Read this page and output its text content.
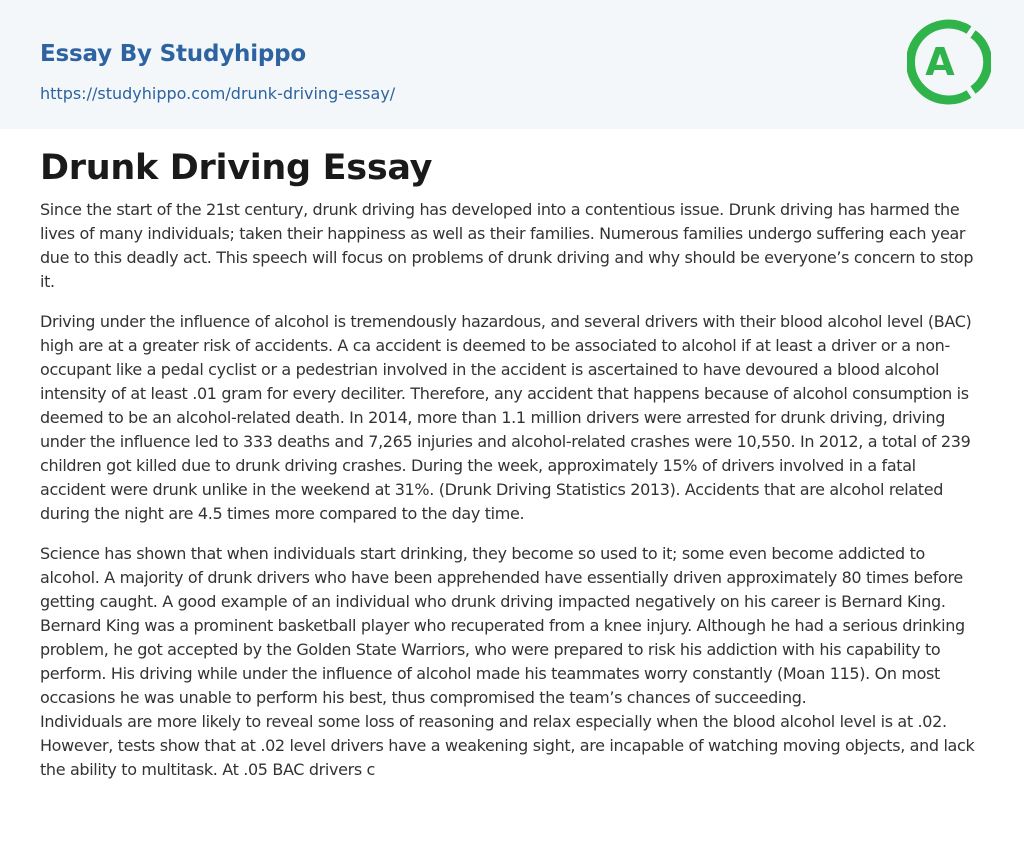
Essay By Studyhippo
https://studyhippo.com/drunk-driving-essay/
A
Drunk Driving Essay

Since the start of the 21st century, drunk driving has developed into a contentious issue. Drunk driving has harmed the lives of many individuals; taken their happiness as well as their families. Numerous families undergo suffering each year due to this deadly act. This speech will focus on problems of drunk driving and why should be everyone’s concern to stop it.

Driving under the influence of alcohol is tremendously hazardous, and several drivers with their blood alcohol level (BAC) high are at a greater risk of accidents. A ca accident is deemed to be associated to alcohol if at least a driver or a non-occupant like a pedal cyclist or a pedestrian involved in the accident is ascertained to have devoured a blood alcohol intensity of at least .01 gram for every deciliter. Therefore, any accident that happens because of alcohol consumption is deemed to be an alcohol-related death. In 2014, more than 1.1 million drivers were arrested for drunk driving, driving under the influence led to 333 deaths and 7,265 injuries and alcohol-related crashes were 10,550. In 2012, a total of 239 children got killed due to drunk driving crashes. During the week, approximately 15% of drivers involved in a fatal accident were drunk unlike in the weekend at 31%. (Drunk Driving Statistics 2013). Accidents that are alcohol related during the night are 4.5 times more compared to the day time.

Science has shown that when individuals start drinking, they become so used to it; some even become addicted to alcohol. A majority of drunk drivers who have been apprehended have essentially driven approximately 80 times before getting caught. A good example of an individual who drunk driving impacted negatively on his career is Bernard King. Bernard King was a prominent basketball player who recuperated from a knee injury. Although he had a serious drinking problem, he got accepted by the Golden State Warriors, who were prepared to risk his addiction with his capability to perform. His driving while under the influence of alcohol made his teammates worry constantly (Moan 115). On most occasions he was unable to perform his best, thus compromised the team’s chances of succeeding.

Individuals are more likely to reveal some loss of reasoning and relax especially when the blood alcohol level is at .02. However, tests show that at .02 level drivers have a weakening sight, are incapable of watching moving objects, and lack the ability to multitask. At .05 BAC drivers c
